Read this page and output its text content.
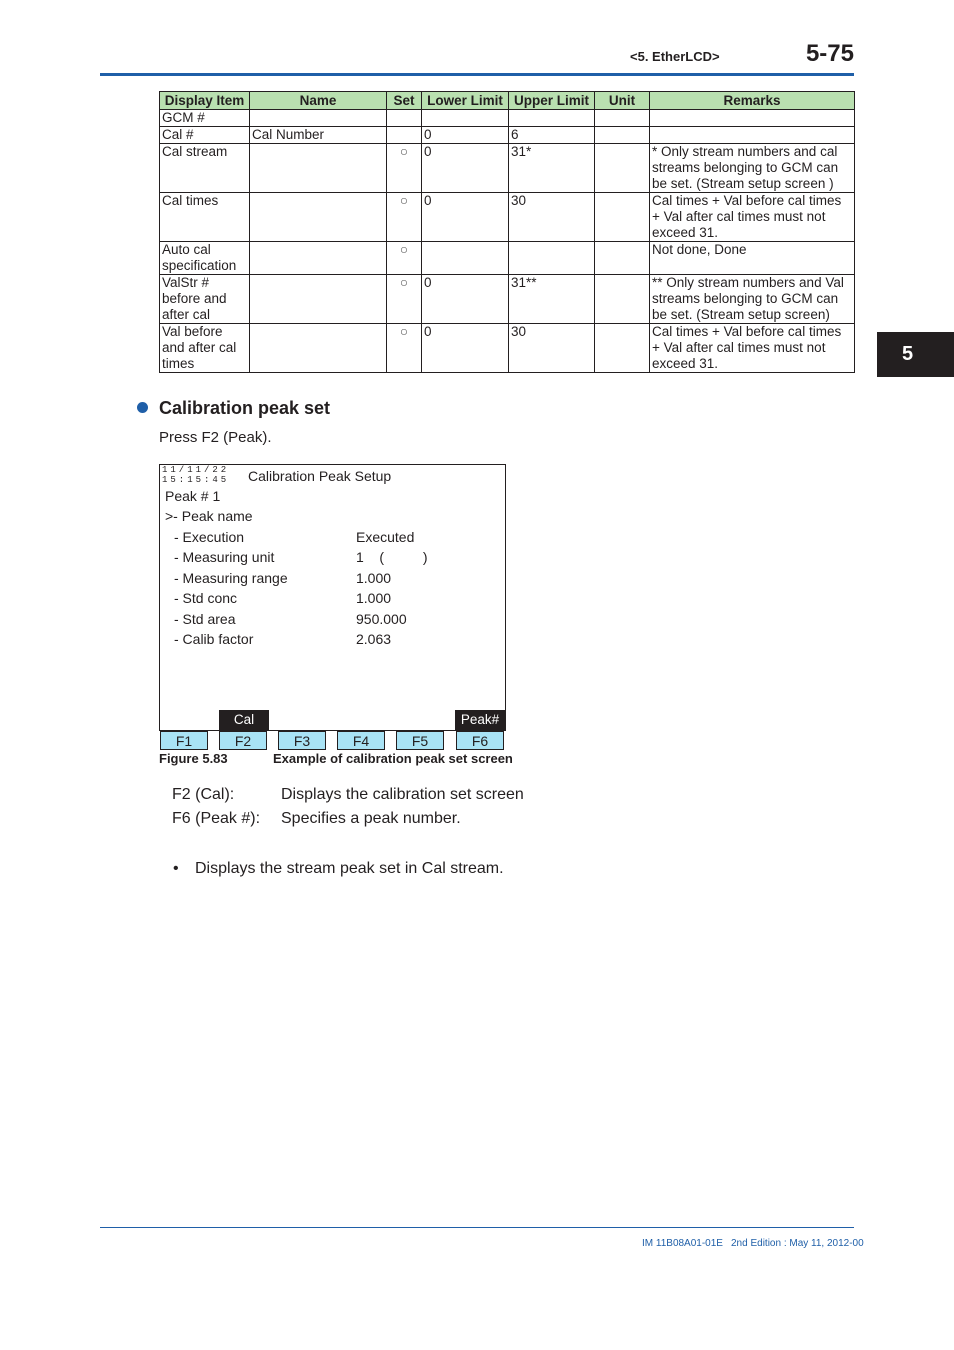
<5. EtherLCD>	5-75
5
Display Item	Name	Set	Lower Limit	Upper Limit	Unit	Remarks
GCM #						
Cal #	Cal Number		0	6		
Cal stream		○	0	31*		* Only stream numbers and cal streams belonging to GCM can be set. (Stream setup screen )
Cal times		○	0	30		Cal times + Val before cal times + Val after cal times must not exceed 31.
Auto cal specification		○				Not done, Done
ValStr # before and after cal		○	0	31**		** Only stream numbers and Val streams belonging to GCM can be set. (Stream setup screen)
Val before and after cal times		○	0	30		Cal times + Val before cal times + Val after cal times must not exceed 31.
Calibration peak set
Press F2 (Peak).
11/11/22
15:15:45 Calibration Peak Setup
Peak # 1
>- Peak name
- Execution	Executed
- Measuring unit	1    (          )
- Measuring range	1.000
- Std conc	1.000
- Std area	950.000
- Calib factor	2.063
Cal	Peak#
F1	F2	F3	F4	F5	F6
Figure 5.83	Example of calibration peak set screen
F2 (Cal):	Displays the calibration set screen
F6 (Peak #): Specifies a peak number.
• Displays the stream peak set in Cal stream.
IM 11B08A01-01E 2nd Edition : May 11, 2012-00
